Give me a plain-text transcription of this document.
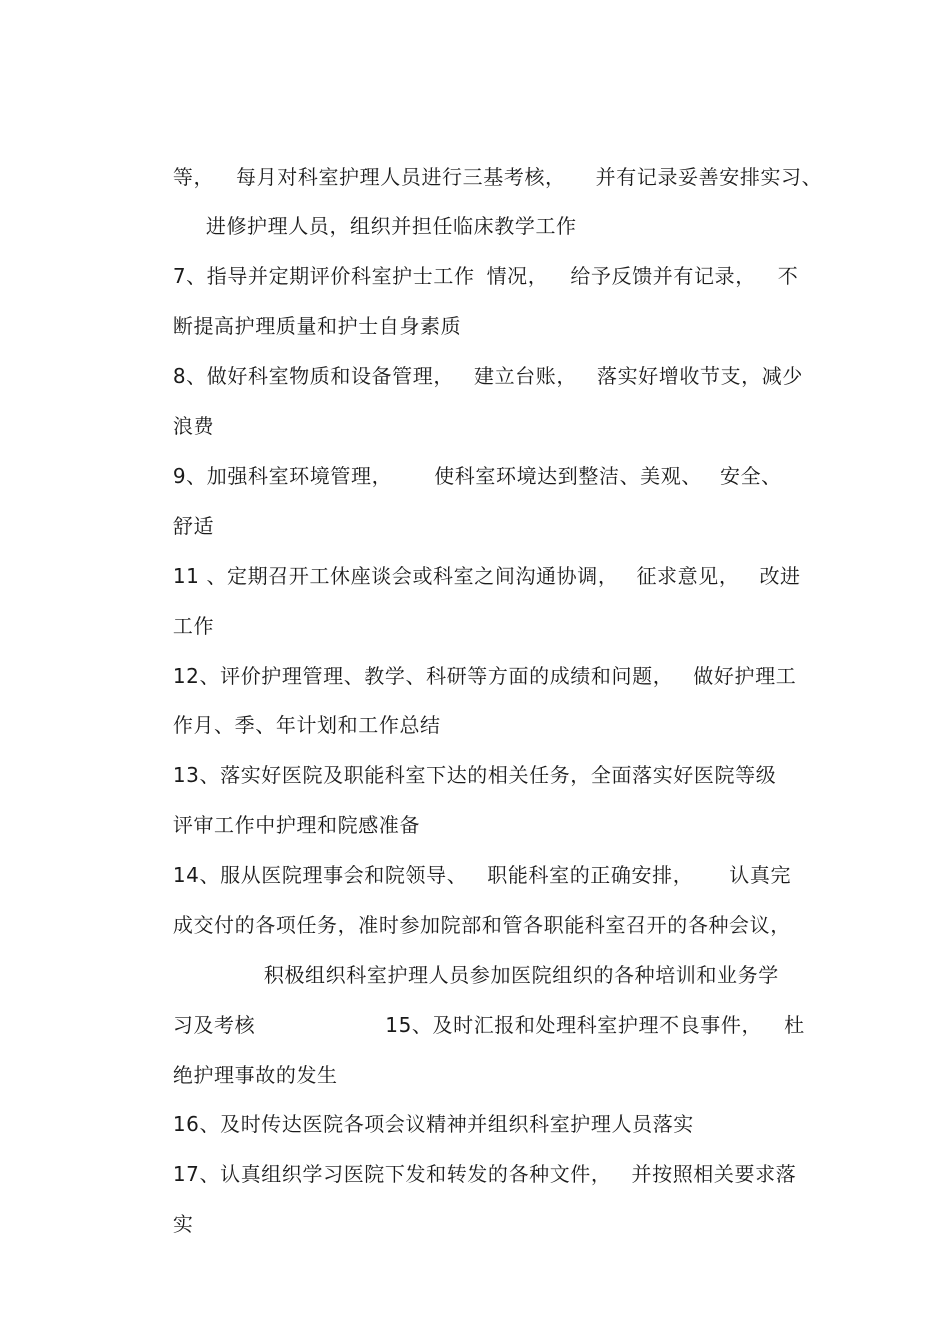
等， 每月对科室护理人员进行三基考核， 并有记录妥善安排实习、

进修护理人员，组织并担任临床教学工作

7、指导并定期评价科室护士工作 情况， 给予反馈并有记录， 不

断提高护理质量和护士自身素质

8、做好科室物质和设备管理， 建立台账， 落实好增收节支，减少

浪费

9、加强科室环境管理， 使科室环境达到整洁、美观、 安全、

舒适

11 、定期召开工休座谈会或科室之间沟通协调， 征求意见， 改进

工作

12、评价护理管理、教学、科研等方面的成绩和问题， 做好护理工

作月、季、年计划和工作总结

13、落实好医院及职能科室下达的相关任务，全面落实好医院等级

评审工作中护理和院感准备

14、服从医院理事会和院领导、 职能科室的正确安排， 认真完

成交付的各项任务，准时参加院部和管各职能科室召开的各种会议，

积极组织科室护理人员参加医院组织的各种培训和业务学

习及考核	15、及时汇报和处理科室护理不良事件， 杜

绝护理事故的发生

16、及时传达医院各项会议精神并组织科室护理人员落实

17、认真组织学习医院下发和转发的各种文件， 并按照相关要求落

实
